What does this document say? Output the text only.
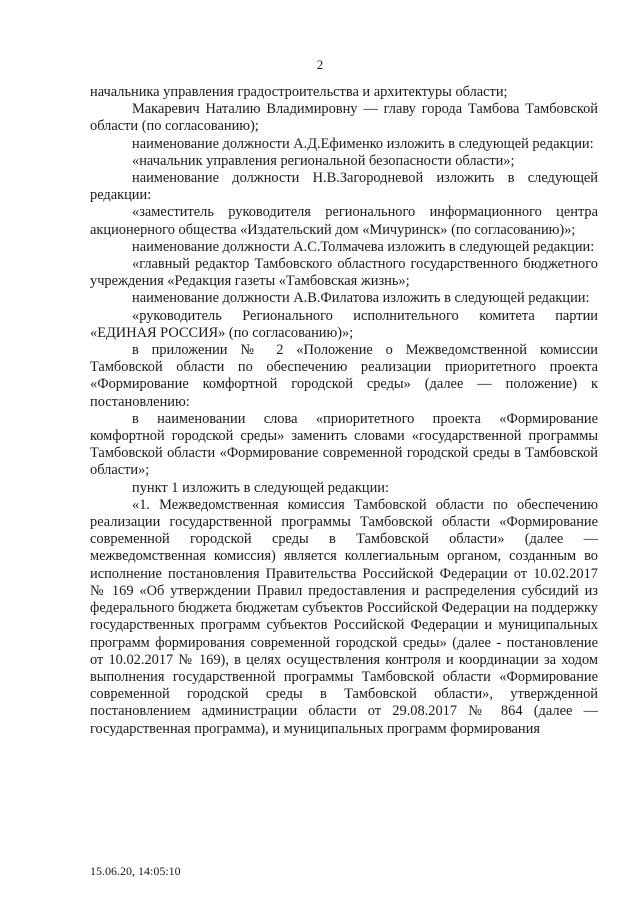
2

начальника управления градостроительства и архитектуры области;

Макаревич Наталию Владимировну — главу города Тамбова Тамбовской области (по согласованию);

наименование должности А.Д.Ефименко изложить в следующей редакции:

«начальник управления региональной безопасности области»;

наименование должности Н.В.Загородневой изложить в следующей редакции:

«заместитель руководителя регионального информационного центра акционерного общества «Издательский дом «Мичуринск» (по согласованию)»;

наименование должности А.С.Толмачева изложить в следующей редакции:

«главный редактор Тамбовского областного государственного бюджетного учреждения «Редакция газеты «Тамбовская жизнь»;

наименование должности А.В.Филатова изложить в следующей редакции:

«руководитель Регионального исполнительного комитета партии «ЕДИНАЯ РОССИЯ» (по согласованию)»;

в приложении № 2 «Положение о Межведомственной комиссии Тамбовской области по обеспечению реализации приоритетного проекта «Формирование комфортной городской среды» (далее — положение) к постановлению:

в наименовании слова «приоритетного проекта «Формирование комфортной городской среды» заменить словами «государственной программы Тамбовской области «Формирование современной городской среды в Тамбовской области»;

пункт 1 изложить в следующей редакции:

«1. Межведомственная комиссия Тамбовской области по обеспечению реализации государственной программы Тамбовской области «Формирование современной городской среды в Тамбовской области» (далее — межведомственная комиссия) является коллегиальным органом, созданным во исполнение постановления Правительства Российской Федерации от 10.02.2017 № 169 «Об утверждении Правил предоставления и распределения субсидий из федерального бюджета бюджетам субъектов Российской Федерации на поддержку государственных программ субъектов Российской Федерации и муниципальных программ формирования современной городской среды» (далее - постановление от 10.02.2017 № 169), в целях осуществления контроля и координации за ходом выполнения государственной программы Тамбовской области «Формирование современной городской среды в Тамбовской области», утвержденной постановлением администрации области от 29.08.2017 № 864 (далее — государственная программа), и муниципальных программ формирования

15.06.20, 14:05:10
